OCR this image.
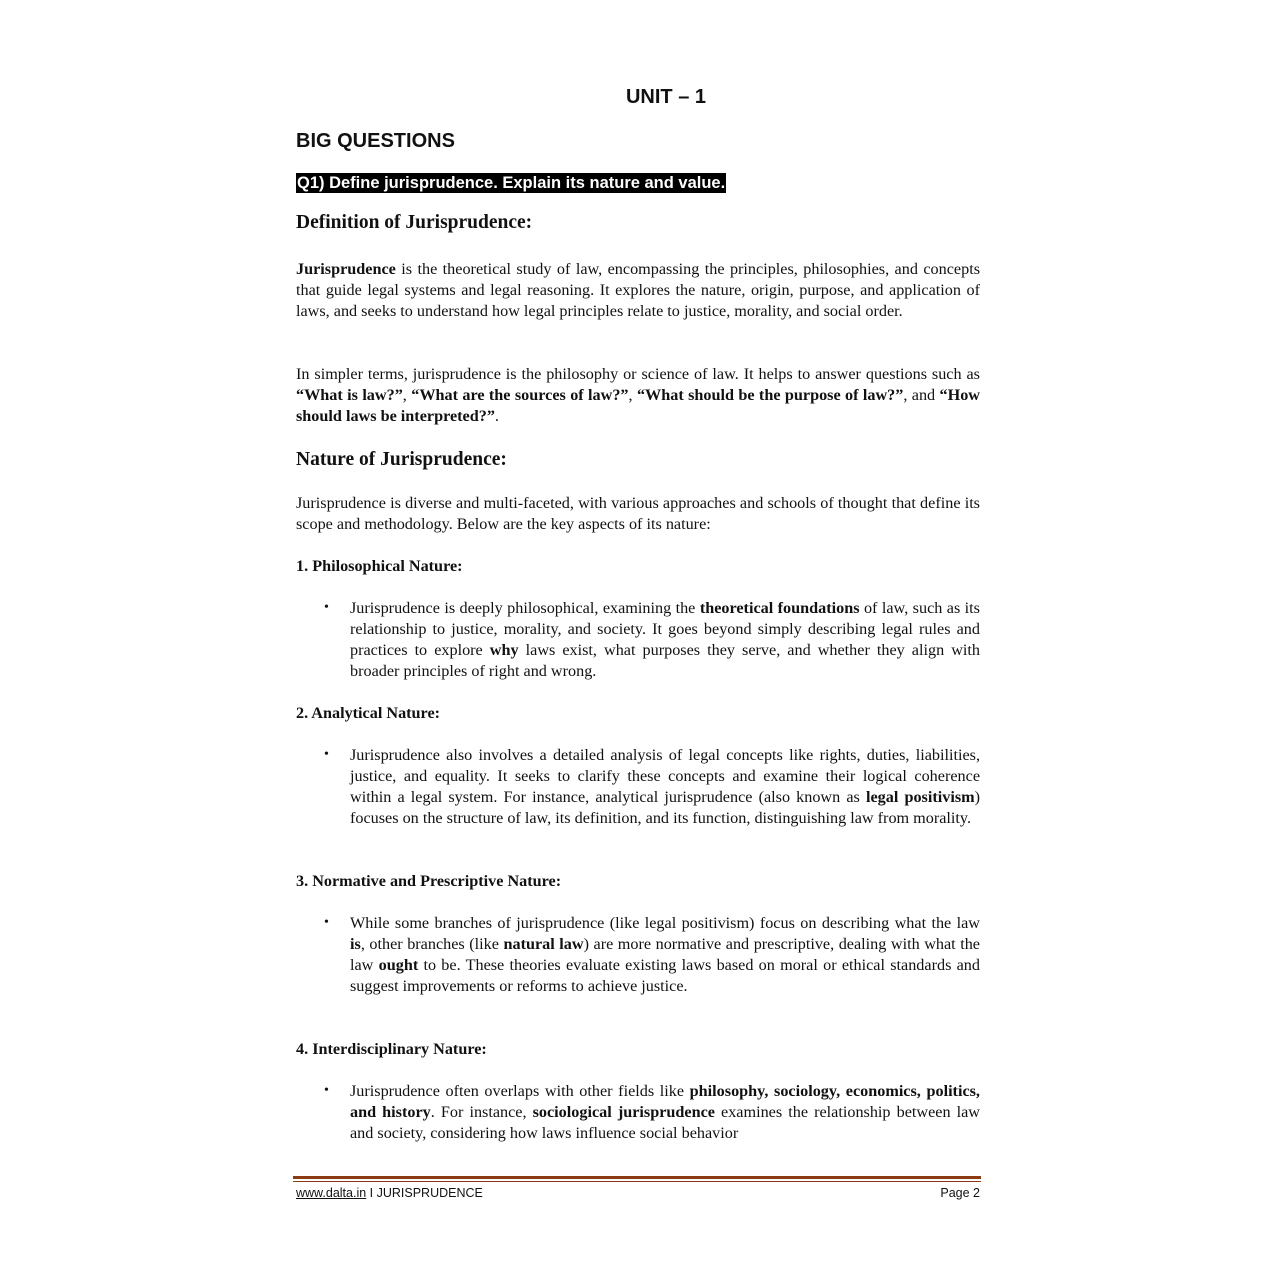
UNIT – 1
BIG QUESTIONS
Q1) Define jurisprudence. Explain its nature and value.
Definition of Jurisprudence:
Jurisprudence is the theoretical study of law, encompassing the principles, philosophies, and concepts that guide legal systems and legal reasoning. It explores the nature, origin, purpose, and application of laws, and seeks to understand how legal principles relate to justice, morality, and social order.
In simpler terms, jurisprudence is the philosophy or science of law. It helps to answer questions such as “What is law?”, “What are the sources of law?”, “What should be the purpose of law?”, and “How should laws be interpreted?”.
Nature of Jurisprudence:
Jurisprudence is diverse and multi-faceted, with various approaches and schools of thought that define its scope and methodology. Below are the key aspects of its nature:
1. Philosophical Nature:
• Jurisprudence is deeply philosophical, examining the theoretical foundations of law, such as its relationship to justice, morality, and society. It goes beyond simply describing legal rules and practices to explore why laws exist, what purposes they serve, and whether they align with broader principles of right and wrong.
2. Analytical Nature:
• Jurisprudence also involves a detailed analysis of legal concepts like rights, duties, liabilities, justice, and equality. It seeks to clarify these concepts and examine their logical coherence within a legal system. For instance, analytical jurisprudence (also known as legal positivism) focuses on the structure of law, its definition, and its function, distinguishing law from morality.
3. Normative and Prescriptive Nature:
• While some branches of jurisprudence (like legal positivism) focus on describing what the law is, other branches (like natural law) are more normative and prescriptive, dealing with what the law ought to be. These theories evaluate existing laws based on moral or ethical standards and suggest improvements or reforms to achieve justice.
4. Interdisciplinary Nature:
• Jurisprudence often overlaps with other fields like philosophy, sociology, economics, politics, and history. For instance, sociological jurisprudence examines the relationship between law and society, considering how laws influence social behavior
www.dalta.in I JURISPRUDENCE	Page 2
